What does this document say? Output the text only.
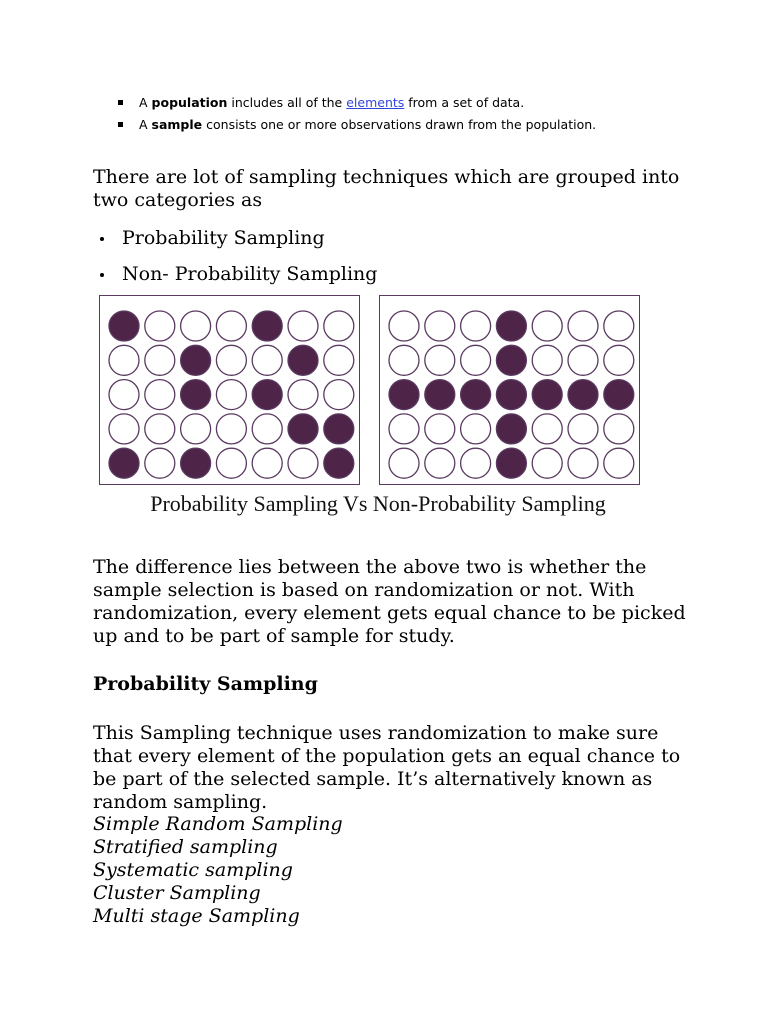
A population includes all of the elements from a set of data.
A sample consists one or more observations drawn from the population.
There are lot of sampling techniques which are grouped into two categories as
Probability Sampling
Non- Probability Sampling
Probability Sampling Vs Non-Probability Sampling
The difference lies between the above two is whether the sample selection is based on randomization or not. With randomization, every element gets equal chance to be picked up and to be part of sample for study.
Probability Sampling
This Sampling technique uses randomization to make sure that every element of the population gets an equal chance to be part of the selected sample. It’s alternatively known as random sampling.
Simple Random Sampling
Stratified sampling
Systematic sampling
Cluster Sampling
Multi stage Sampling
